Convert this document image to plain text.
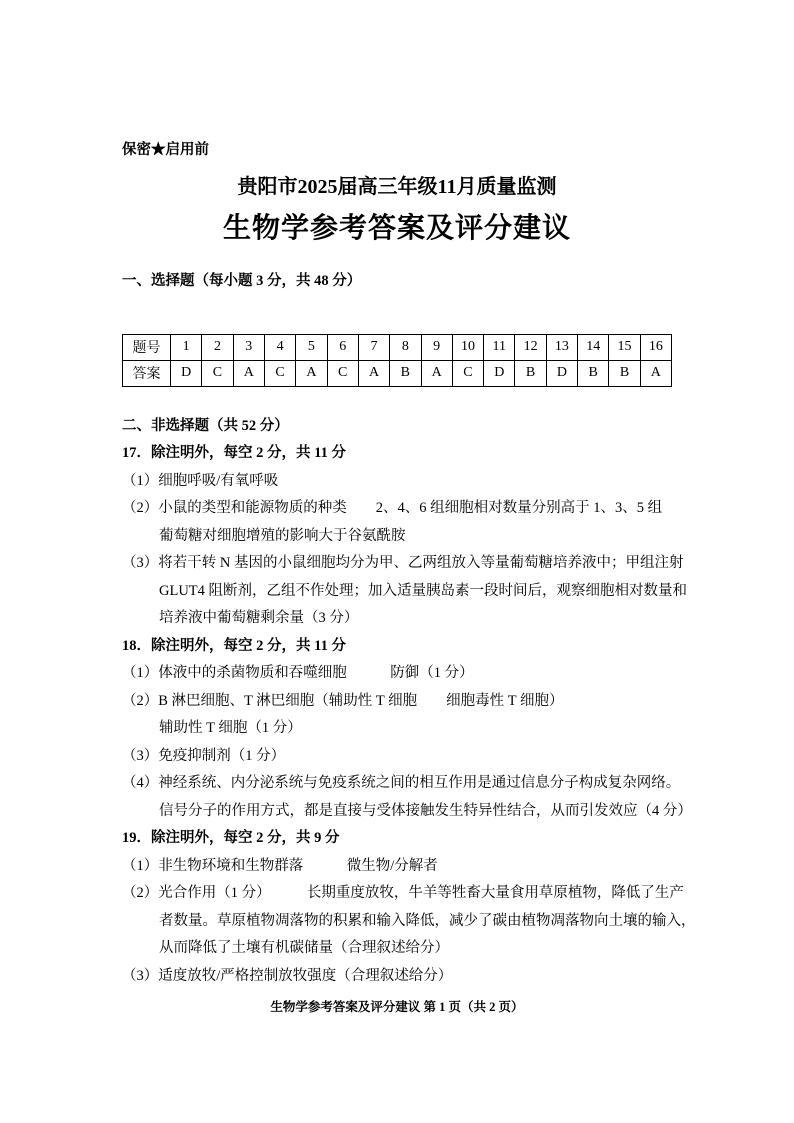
保密★启用前
贵阳市2025届高三年级11月质量监测
生物学参考答案及评分建议
一、选择题（每小题 3 分，共 48 分）
题号	1	2	3	4	5	6	7	8	9	10	11	12	13	14	15	16
答案	D	C	A	C	A	C	A	B	A	C	D	B	D	B	B	A
二、非选择题（共 52 分）

17．除注明外，每空 2 分，共 11 分

（1）细胞呼吸/有氧呼吸

（2）小鼠的类型和能源物质的种类　　2、4、6 组细胞相对数量分别高于 1、3、5 组

葡萄糖对细胞增殖的影响大于谷氨酰胺

（3）将若干转 N 基因的小鼠细胞均分为甲、乙两组放入等量葡萄糖培养液中；甲组注射

GLUT4 阻断剂，乙组不作处理；加入适量胰岛素一段时间后，观察细胞相对数量和

培养液中葡萄糖剩余量（3 分）

18．除注明外，每空 2 分，共 11 分

（1）体液中的杀菌物质和吞噬细胞　　　防御（1 分）

（2）B 淋巴细胞、T 淋巴细胞（辅助性 T 细胞　　细胞毒性 T 细胞）

辅助性 T 细胞（1 分）

（3）免疫抑制剂（1 分）

（4）神经系统、内分泌系统与免疫系统之间的相互作用是通过信息分子构成复杂网络。

信号分子的作用方式，都是直接与受体接触发生特异性结合，从而引发效应（4 分）

19．除注明外，每空 2 分，共 9 分

（1）非生物环境和生物群落　　　微生物/分解者

（2）光合作用（1 分）　　　长期重度放牧，牛羊等牲畜大量食用草原植物，降低了生产

者数量。草原植物凋落物的积累和输入降低，减少了碳由植物凋落物向土壤的输入，

从而降低了土壤有机碳储量（合理叙述给分）

（3）适度放牧/严格控制放牧强度（合理叙述给分）

生物学参考答案及评分建议 第 1 页（共 2 页）
